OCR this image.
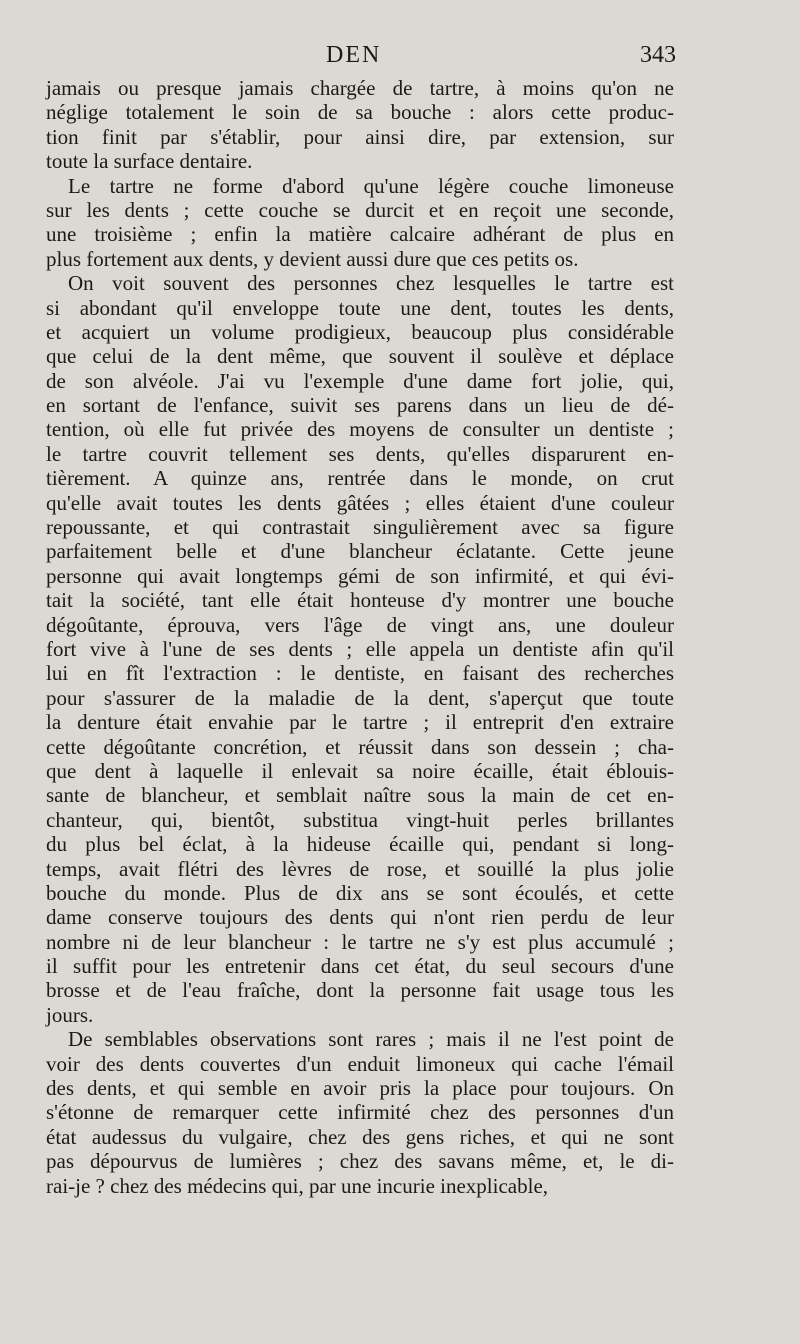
DEN	343
jamais ou presque jamais chargée de tartre, à moins qu'on ne
néglige totalement le soin de sa bouche : alors cette produc-
tion finit par s'établir, pour ainsi dire, par extension, sur
toute la surface dentaire.
Le tartre ne forme d'abord qu'une légère couche limoneuse
sur les dents ; cette couche se durcit et en reçoit une seconde,
une troisième ; enfin la matière calcaire adhérant de plus en
plus fortement aux dents, y devient aussi dure que ces petits os.
On voit souvent des personnes chez lesquelles le tartre est
si abondant qu'il enveloppe toute une dent, toutes les dents,
et acquiert un volume prodigieux, beaucoup plus considérable
que celui de la dent même, que souvent il soulève et déplace
de son alvéole. J'ai vu l'exemple d'une dame fort jolie, qui,
en sortant de l'enfance, suivit ses parens dans un lieu de dé-
tention, où elle fut privée des moyens de consulter un dentiste ;
le tartre couvrit tellement ses dents, qu'elles disparurent en-
tièrement. A quinze ans, rentrée dans le monde, on crut
qu'elle avait toutes les dents gâtées ; elles étaient d'une couleur
repoussante, et qui contrastait singulièrement avec sa figure
parfaitement belle et d'une blancheur éclatante. Cette jeune
personne qui avait longtemps gémi de son infirmité, et qui évi-
tait la société, tant elle était honteuse d'y montrer une bouche
dégoûtante, éprouva, vers l'âge de vingt ans, une douleur
fort vive à l'une de ses dents ; elle appela un dentiste afin qu'il
lui en fît l'extraction : le dentiste, en faisant des recherches
pour s'assurer de la maladie de la dent, s'aperçut que toute
la denture était envahie par le tartre ; il entreprit d'en extraire
cette dégoûtante concrétion, et réussit dans son dessein ; cha-
que dent à laquelle il enlevait sa noire écaille, était éblouis-
sante de blancheur, et semblait naître sous la main de cet en-
chanteur, qui, bientôt, substitua vingt-huit perles brillantes
du plus bel éclat, à la hideuse écaille qui, pendant si long-
temps, avait flétri des lèvres de rose, et souillé la plus jolie
bouche du monde. Plus de dix ans se sont écoulés, et cette
dame conserve toujours des dents qui n'ont rien perdu de leur
nombre ni de leur blancheur : le tartre ne s'y est plus accumulé ;
il suffit pour les entretenir dans cet état, du seul secours d'une
brosse et de l'eau fraîche, dont la personne fait usage tous les
jours.
De semblables observations sont rares ; mais il ne l'est point de
voir des dents couvertes d'un enduit limoneux qui cache l'émail
des dents, et qui semble en avoir pris la place pour toujours. On
s'étonne de remarquer cette infirmité chez des personnes d'un
état audessus du vulgaire, chez des gens riches, et qui ne sont
pas dépourvus de lumières ; chez des savans même, et, le di-
rai-je ? chez des médecins qui, par une incurie inexplicable,
